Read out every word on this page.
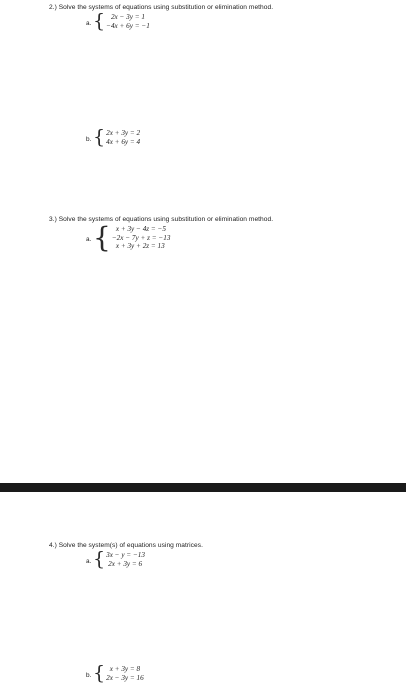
2.) Solve the systems of equations using substitution or elimination method.
a. { 2x − 3y = 1
−4x + 6y = −1
b. { 2x + 3y = 2
4x + 6y = 4
3.) Solve the systems of equations using substitution or elimination method.
a. { x + 3y − 4z = −5
−2x − 7y + z = −13
x + 3y + 2z = 13
4.) Solve the system(s) of equations using matrices.
a. { 3x − y = −13
2x + 3y = 6
b. { x + 3y = 8
2x − 3y = 16
